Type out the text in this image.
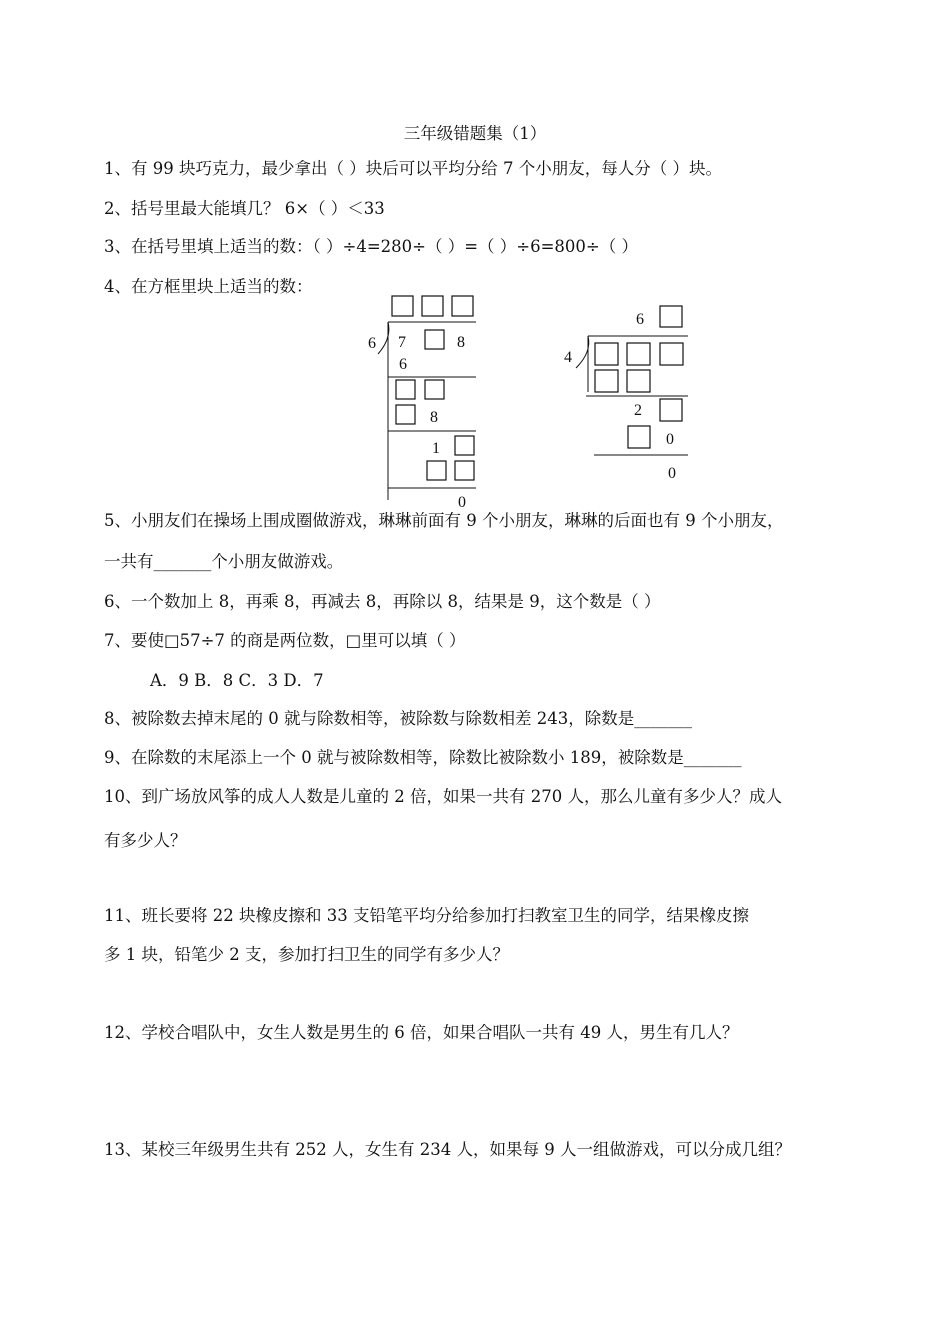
三年级错题集（1）
1、有 99 块巧克力，最少拿出（ ）块后可以平均分给 7 个小朋友，每人分（ ）块。
2、括号里最大能填几？ 6×（ ）＜33
3、在括号里填上适当的数：（ ）÷4=280÷（ ）=（ ）÷6=800÷（ ）
4、在方框里块上适当的数：
6 7	8
6
8
1
0
6
4
2
0
0
5、小朋友们在操场上围成圈做游戏，琳琳前面有 9 个小朋友，琳琳的后面也有 9 个小朋友，
一共有_______个小朋友做游戏。
6、一个数加上 8，再乘 8，再减去 8，再除以 8，结果是 9，这个数是（ ）
7、要使□57÷7 的商是两位数，□里可以填（ ）
A．9 B．8 C．3 D．7
8、被除数去掉末尾的 0 就与除数相等，被除数与除数相差 243，除数是_______
9、在除数的末尾添上一个 0 就与被除数相等，除数比被除数小 189，被除数是_______
10、到广场放风筝的成人人数是儿童的 2 倍，如果一共有 270 人，那么儿童有多少人？成人
有多少人？
11、班长要将 22 块橡皮擦和 33 支铅笔平均分给参加打扫教室卫生的同学，结果橡皮擦
多 1 块，铅笔少 2 支，参加打扫卫生的同学有多少人？
12、学校合唱队中，女生人数是男生的 6 倍，如果合唱队一共有 49 人，男生有几人？
13、某校三年级男生共有 252 人，女生有 234 人，如果每 9 人一组做游戏，可以分成几组？
